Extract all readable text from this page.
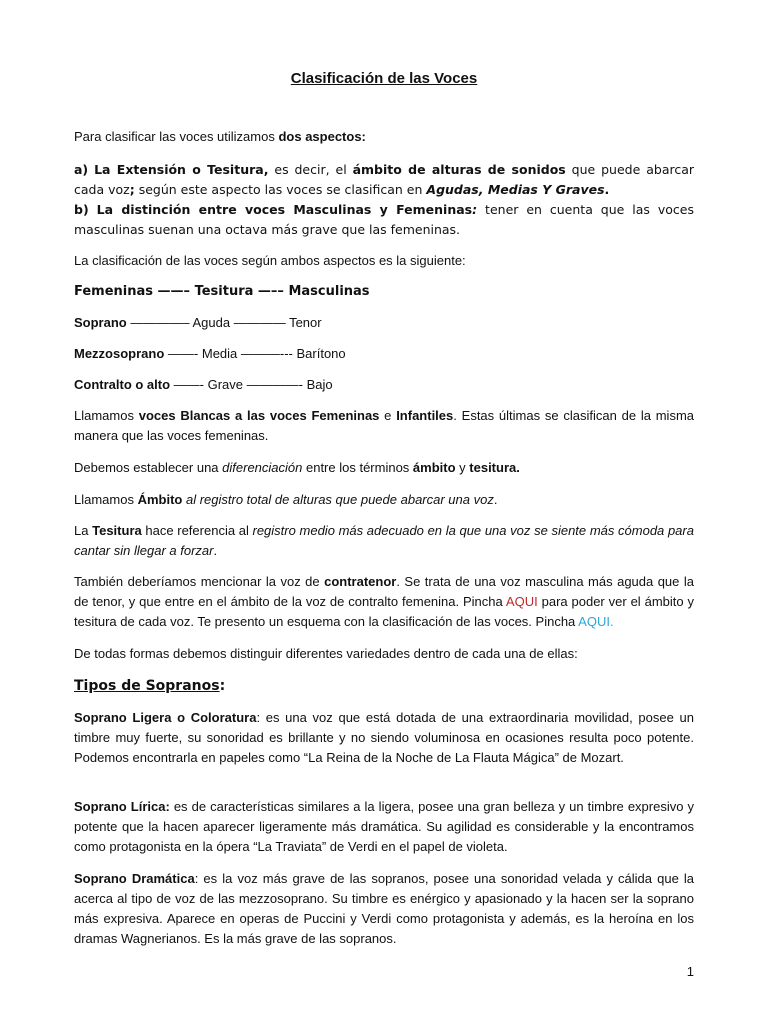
Clasificación de las Voces
Para clasificar las voces utilizamos dos aspectos:
a) La Extensión o Tesitura, es decir, el ámbito de alturas de sonidos que puede abarcar cada voz; según este aspecto las voces se clasifican en Agudas, Medias Y Graves.
b) La distinción entre voces Masculinas y Femeninas: tener en cuenta que las voces masculinas suenan una octava más grave que las femeninas.
La clasificación de las voces según ambos aspectos es la siguiente:
Femeninas ——– Tesitura —–– Masculinas
Soprano ————– Aguda ———— Tenor
Mezzosoprano ——- Media ———--- Barítono
Contralto o alto ——- Grave ————- Bajo
Llamamos voces Blancas a las voces Femeninas e Infantiles. Estas últimas se clasifican de la misma manera que las voces femeninas.
Debemos establecer una diferenciación entre los términos ámbito y tesitura.
Llamamos Ámbito al registro total de alturas que puede abarcar una voz.
La Tesitura hace referencia al registro medio más adecuado en la que una voz se siente más cómoda para cantar sin llegar a forzar.
También deberíamos mencionar la voz de contratenor. Se trata de una voz masculina más aguda que la de tenor, y que entre en el ámbito de la voz de contralto femenina. Pincha AQUI para poder ver el ámbito y tesitura de cada voz. Te presento un esquema con la clasificación de las voces. Pincha AQUI.
De todas formas debemos distinguir diferentes variedades dentro de cada una de ellas:
Tipos de Sopranos:
Soprano Ligera o Coloratura: es una voz que está dotada de una extraordinaria movilidad, posee un timbre muy fuerte, su sonoridad es brillante y no siendo voluminosa en ocasiones resulta poco potente. Podemos encontrarla en papeles como “La Reina de la Noche de La Flauta Mágica” de Mozart.
Soprano Lírica: es de características similares a la ligera, posee una gran belleza y un timbre expresivo y potente que la hacen aparecer ligeramente más dramática. Su agilidad es considerable y la encontramos como protagonista en la ópera “La Traviata” de Verdi en el papel de violeta.
Soprano Dramática: es la voz más grave de las sopranos, posee una sonoridad velada y cálida que la acerca al tipo de voz de las mezzosoprano. Su timbre es enérgico y apasionado y la hacen ser la soprano más expresiva. Aparece en operas de Puccini y Verdi como protagonista y además, es la heroína en los dramas Wagnerianos. Es la más grave de las sopranos.
1
